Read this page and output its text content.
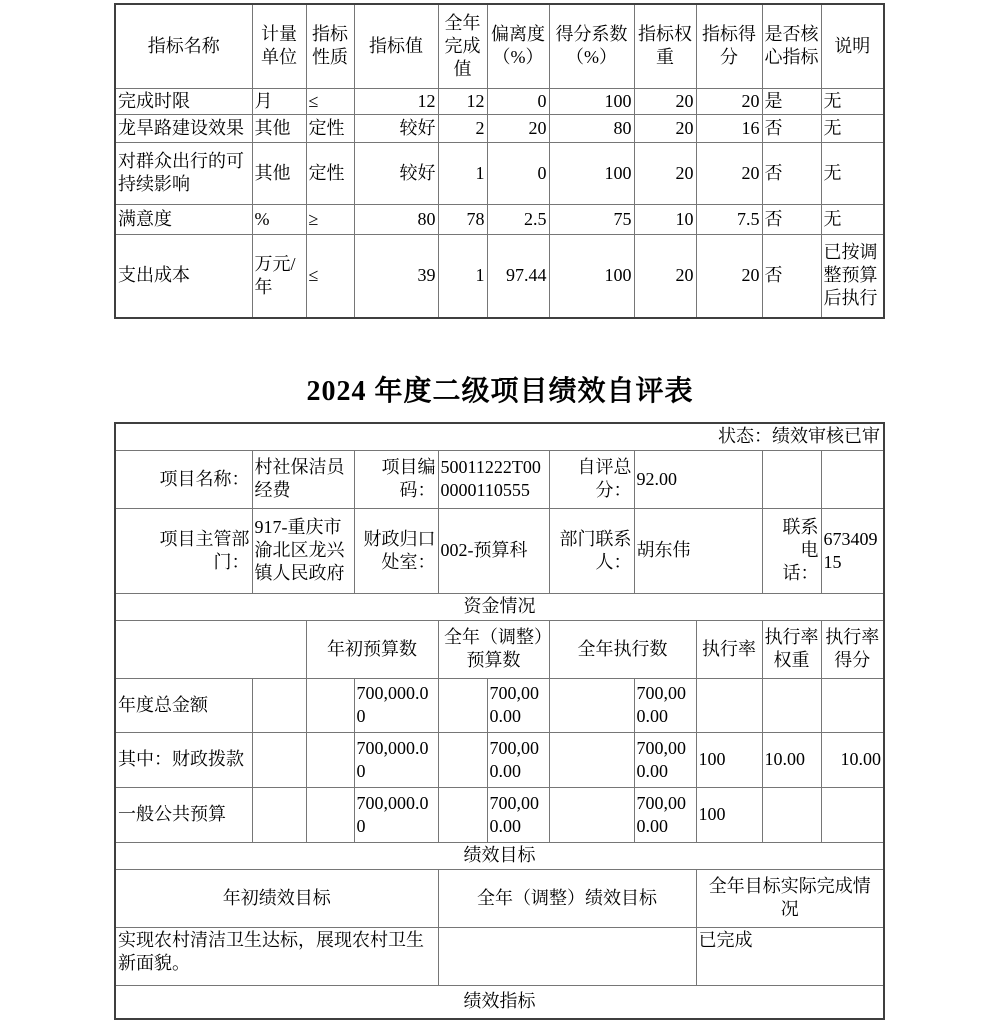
指标名称	计量单位	指标性质	指标值	全年完成值	偏离度（%）	得分系数（%）	指标权重	指标得分	是否核心指标	说明
完成时限	月	≤	12	12	0	100	20	20	是	无
龙旱路建设效果	其他	定性	较好	2	20	80	20	16	否	无
对群众出行的可持续影响	其他	定性	较好	1	0	100	20	20	否	无
满意度	%	≥	80	78	2.5	75	10	7.5	否	无
支出成本	万元/年	≤	39	1	97.44	100	20	20	否	已按调整预算后执行
2024 年度二级项目绩效自评表
状态：绩效审核已审										
项目名称：	村社保洁员经费		项目编码：	50011222T000000110555		自评总分：	92.00			
项目主管部门：	917-重庆市渝北区龙兴镇人民政府		财政归口处室：	002-预算科		部门联系人：	胡东伟		联系电话：	67340915
资金情况										
		年初预算数		全年（调整）预算数		全年执行数		执行率	执行率权重	执行率得分
年度总金额			700,000.00		700,000.00		700,000.00			
其中：财政拨款			700,000.00		700,000.00		700,000.00	100	10.00	10.00
一般公共预算			700,000.00		700,000.00		700,000.00	100		
绩效目标										
年初绩效目标				全年（调整）绩效目标				全年目标实际完成情况		
实现农村清洁卫生达标，展现农村卫生新面貌。								已完成		
绩效指标										
